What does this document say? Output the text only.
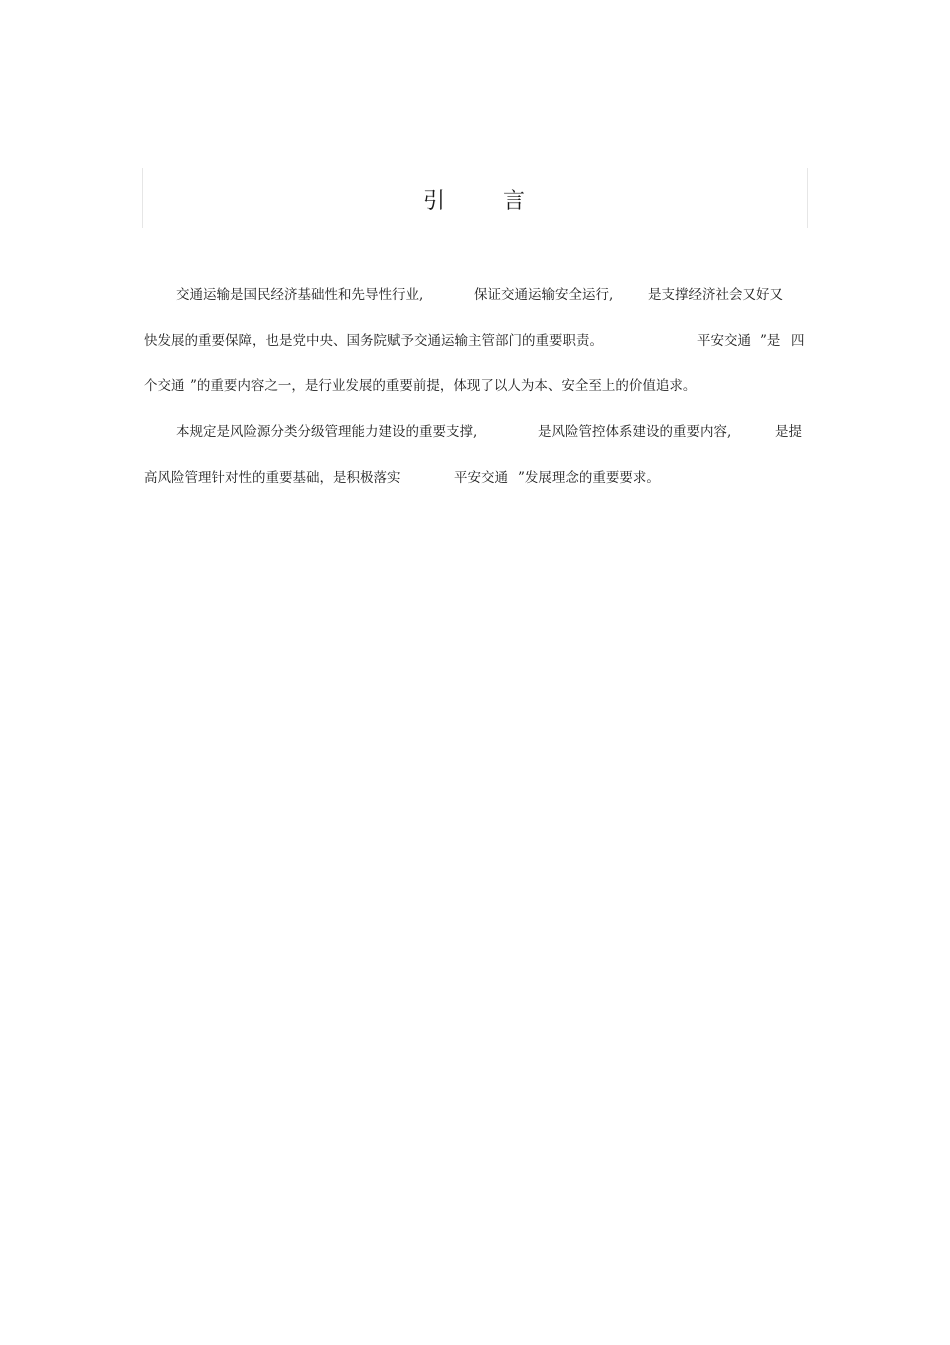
引	言
交通运输是国民经济基础性和先导性行业,	保证交通运输安全运行,	是支撑经济社会又好又
快发展的重要保障，也是党中央、国务院赋予交通运输主管部门的重要职责。	平安交通 ”是 四
个交通 ”的重要内容之一，是行业发展的重要前提，体现了以人为本、安全至上的价值追求。
本规定是风险源分类分级管理能力建设的重要支撑,	是风险管控体系建设的重要内容,	是提
高风险管理针对性的重要基础，是积极落实	平安交通 ”发展理念的重要要求。
